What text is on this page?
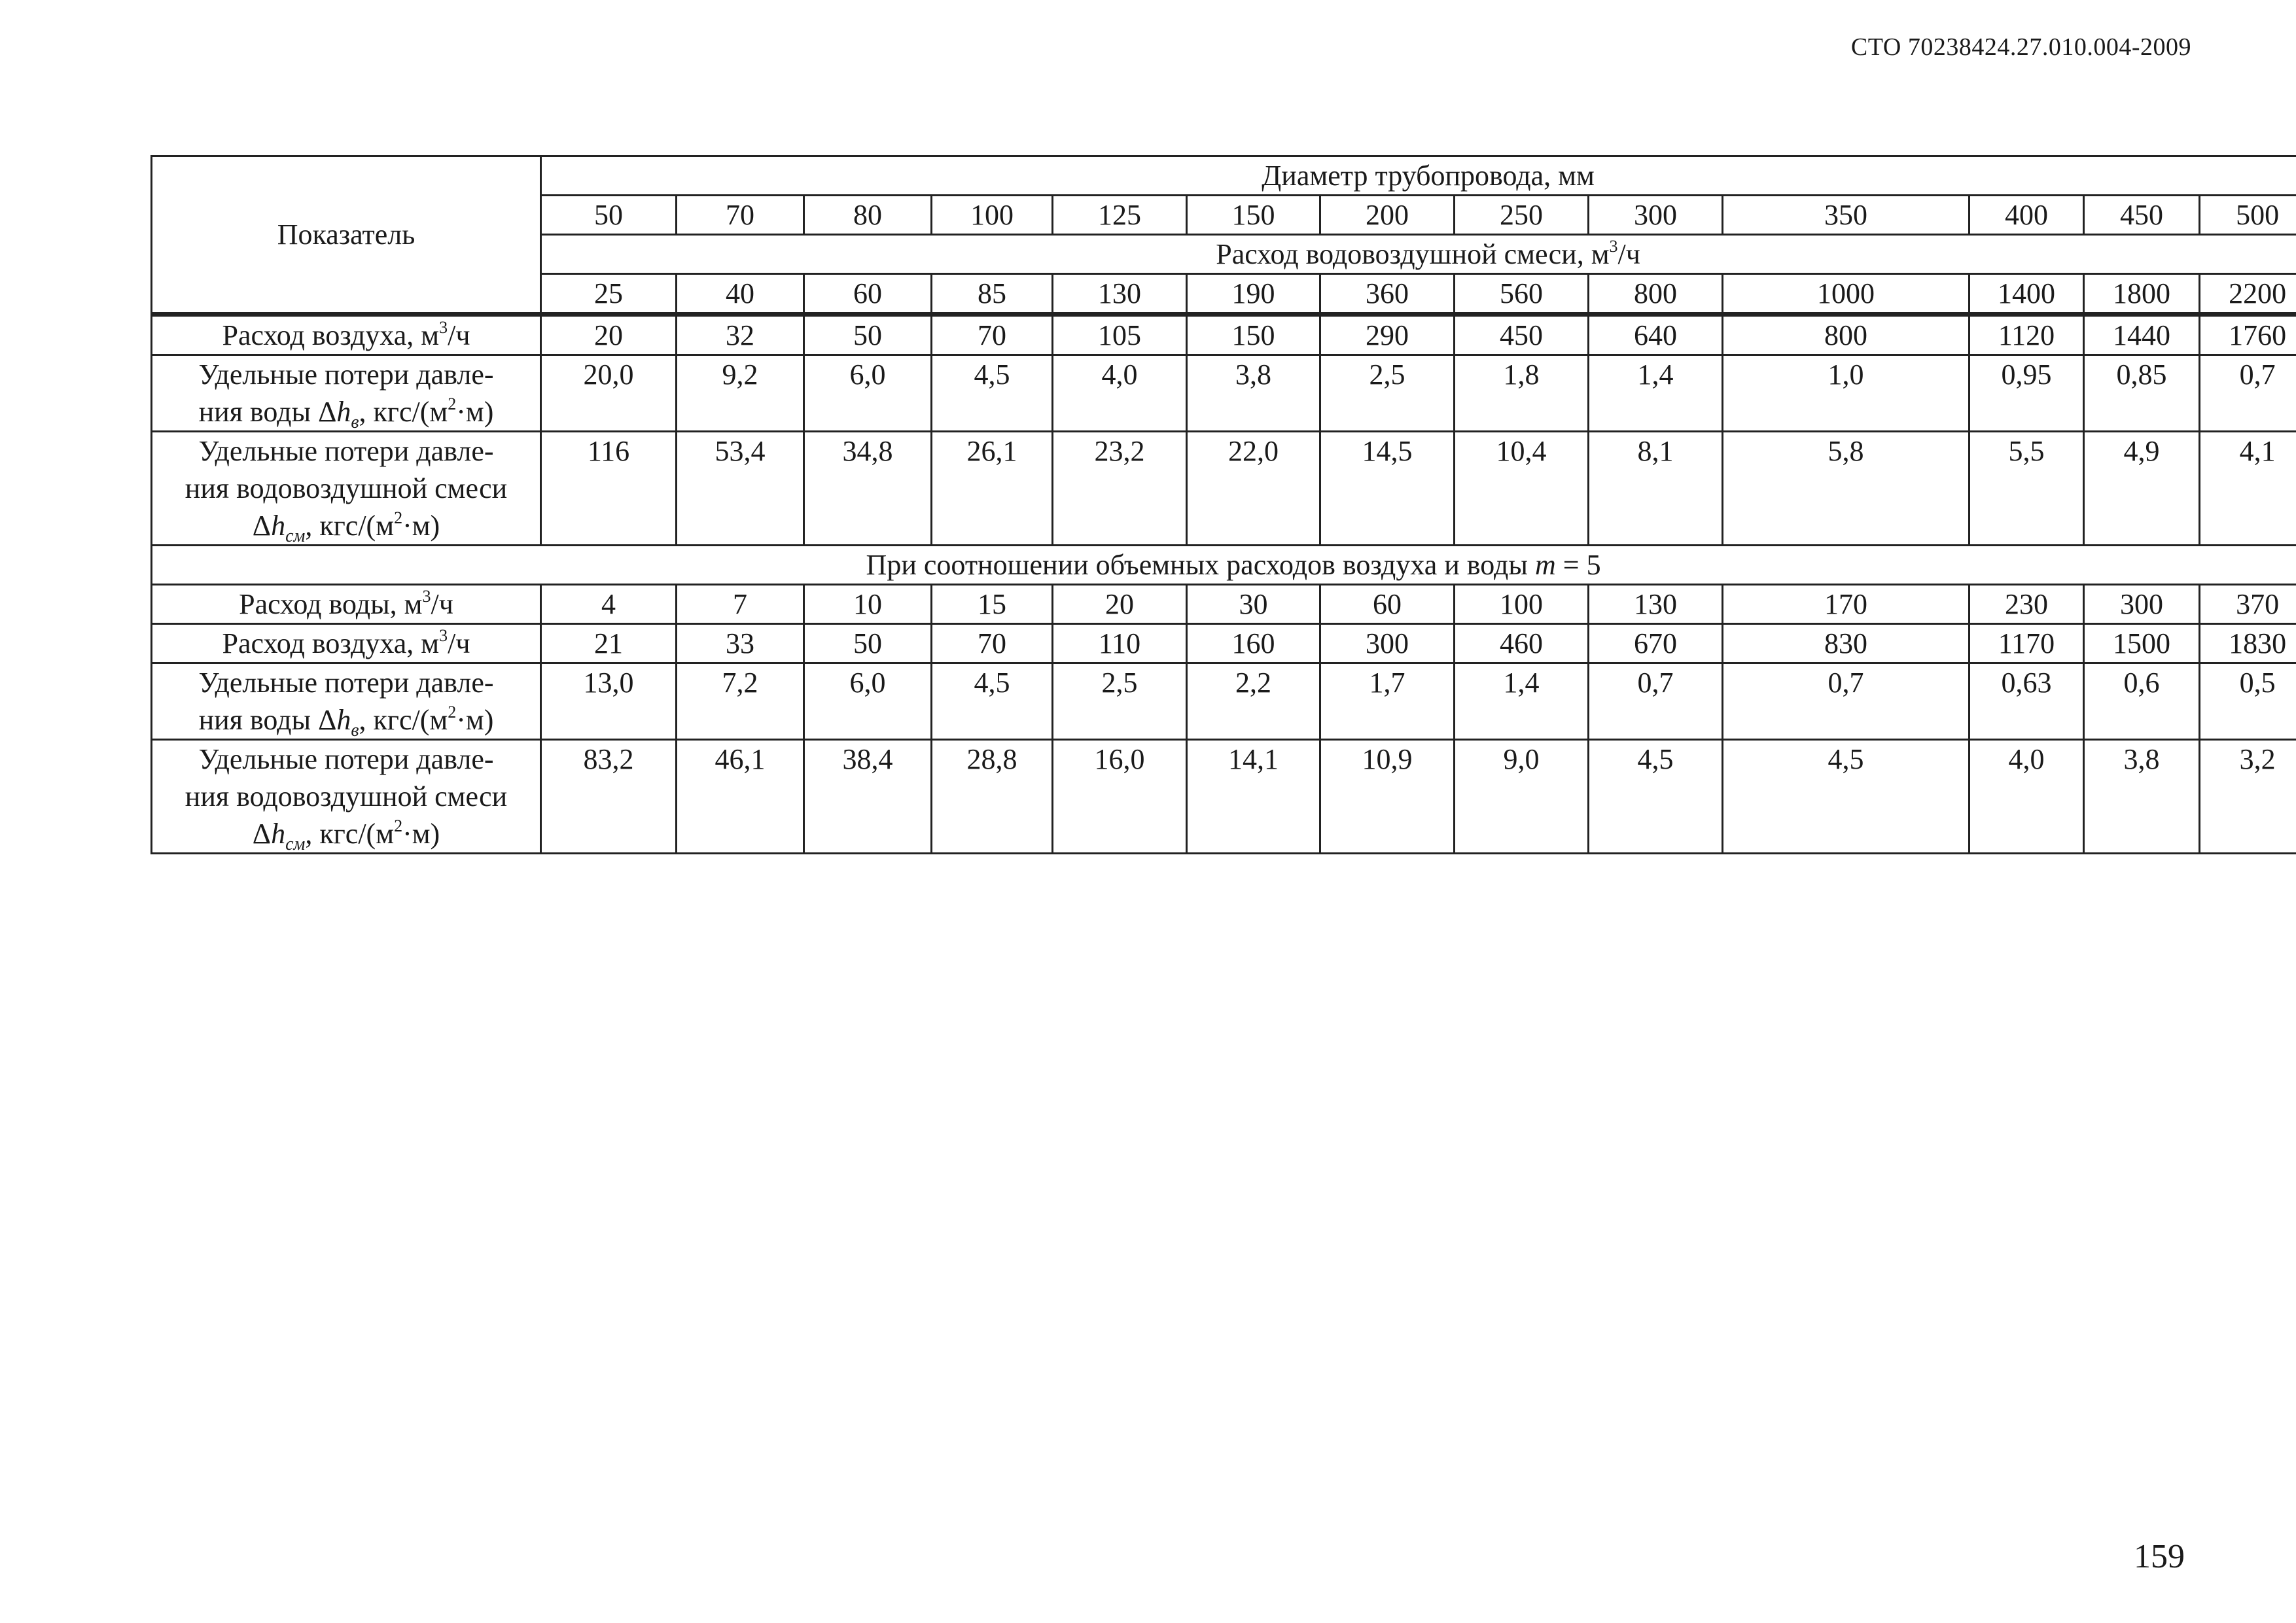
СТО 70238424.27.010.004-2009
Показатель	Диаметр трубопровода, мм												
	50	70	80	100	125	150	200	250	300	350	400	450	500
	Расход водовоздушной смеси, $м^3/ч$												
	25	40	60	85	130	190	360	560	800	1000	1400	1800	2200
Расход воздуха, $м^3/ч$	20	32	50	70	105	150	290	450	640	800	1120	1440	1760
Удельные потери давле-
ния воды $\Delta h_в$, кгс/$(м^2\cdot м)$	20,0	9,2	6,0	4,5	4,0	3,8	2,5	1,8	1,4	1,0	0,95	0,85	0,7
Удельные потери давле-
ния водовоздушной смеси
$\Delta h_{см}$, кгс/$(м^2\cdot м)$	116	53,4	34,8	26,1	23,2	22,0	14,5	10,4	8,1	5,8	5,5	4,9	4,1
При соотношении объемных расходов воздуха и воды m = 5													
Расход воды, $м^3/ч$	4	7	10	15	20	30	60	100	130	170	230	300	370
Расход воздуха, $м^3/ч$	21	33	50	70	110	160	300	460	670	830	1170	1500	1830
Удельные потери давле-
ния воды $\Delta h_в$, кгс/$(м^2\cdot м)$	13,0	7,2	6,0	4,5	2,5	2,2	1,7	1,4	0,7	0,7	0,63	0,6	0,5
Удельные потери давле-
ния водовоздушной смеси
$\Delta h_{см}$, кгс/$(м^2\cdot м)$	83,2	46,1	38,4	28,8	16,0	14,1	10,9	9,0	4,5	4,5	4,0	3,8	3,2
159
